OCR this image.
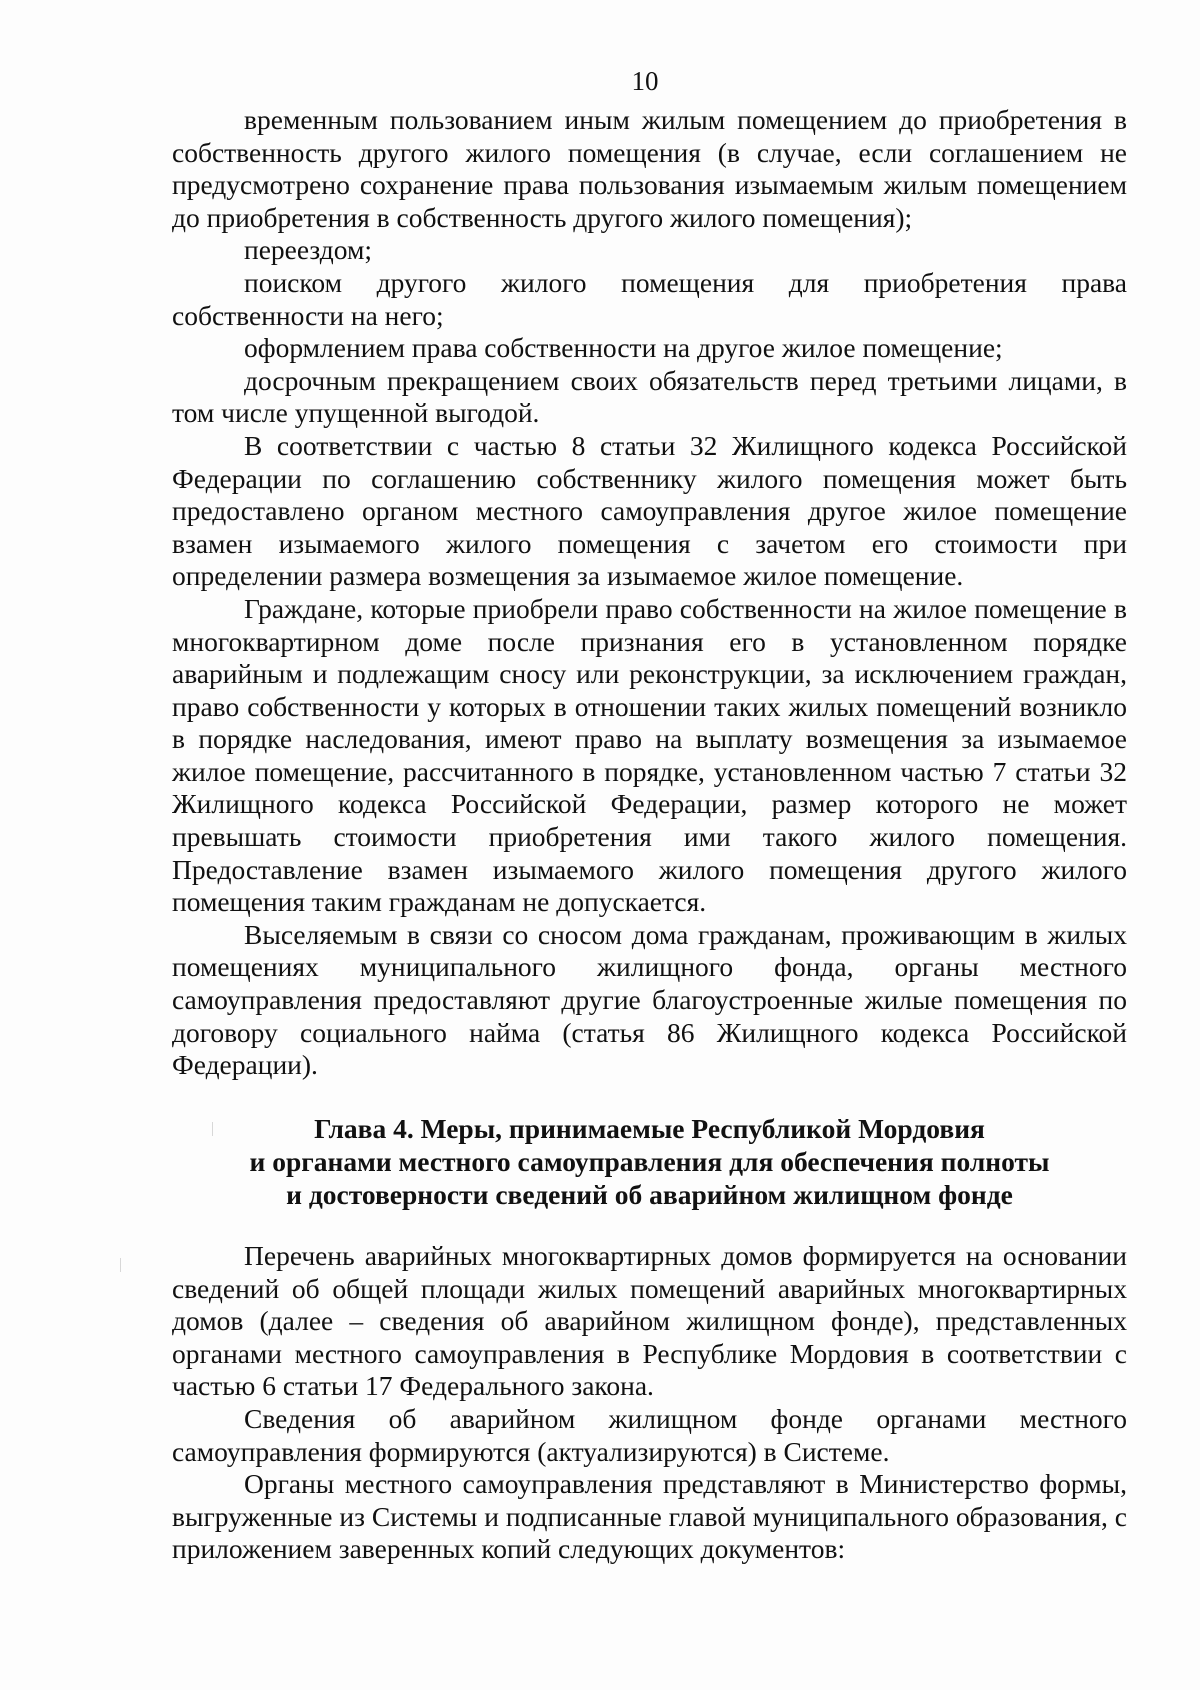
10

временным пользованием иным жилым помещением до приобретения в собственность другого жилого помещения (в случае, если соглашением не предусмотрено сохранение права пользования изымаемым жилым помещением до приобретения в собственность другого жилого помещения);

переездом;

поиском другого жилого помещения для приобретения права собственности на него;

оформлением права собственности на другое жилое помещение;

досрочным прекращением своих обязательств перед третьими лицами, в том числе упущенной выгодой.

В соответствии с частью 8 статьи 32 Жилищного кодекса Российской Федерации по соглашению собственнику жилого помещения может быть предоставлено органом местного самоуправления другое жилое помещение взамен изымаемого жилого помещения с зачетом его стоимости при определении размера возмещения за изымаемое жилое помещение.

Граждане, которые приобрели право собственности на жилое помещение в многоквартирном доме после признания его в установленном порядке аварийным и подлежащим сносу или реконструкции, за исключением граждан, право собственности у которых в отношении таких жилых помещений возникло в порядке наследования, имеют право на выплату возмещения за изымаемое жилое помещение, рассчитанного в порядке, установленном частью 7 статьи 32 Жилищного кодекса Российской Федерации, размер которого не может превышать стоимости приобретения ими такого жилого помещения. Предоставление взамен изымаемого жилого помещения другого жилого помещения таким гражданам не допускается.

Выселяемым в связи со сносом дома гражданам, проживающим в жилых помещениях муниципального жилищного фонда, органы местного самоуправления предоставляют другие благоустроенные жилые помещения по договору социального найма (статья 86 Жилищного кодекса Российской Федерации).

Глава 4. Меры, принимаемые Республикой Мордовия
и органами местного самоуправления для обеспечения полноты
и достоверности сведений об аварийном жилищном фонде

Перечень аварийных многоквартирных домов формируется на основании сведений об общей площади жилых помещений аварийных многоквартирных домов (далее – сведения об аварийном жилищном фонде), представленных органами местного самоуправления в Республике Мордовия в соответствии с частью 6 статьи 17 Федерального закона.

Сведения об аварийном жилищном фонде органами местного самоуправления формируются (актуализируются) в Системе.

Органы местного самоуправления представляют в Министерство формы, выгруженные из Системы и подписанные главой муниципального образования, с приложением заверенных копий следующих документов:
